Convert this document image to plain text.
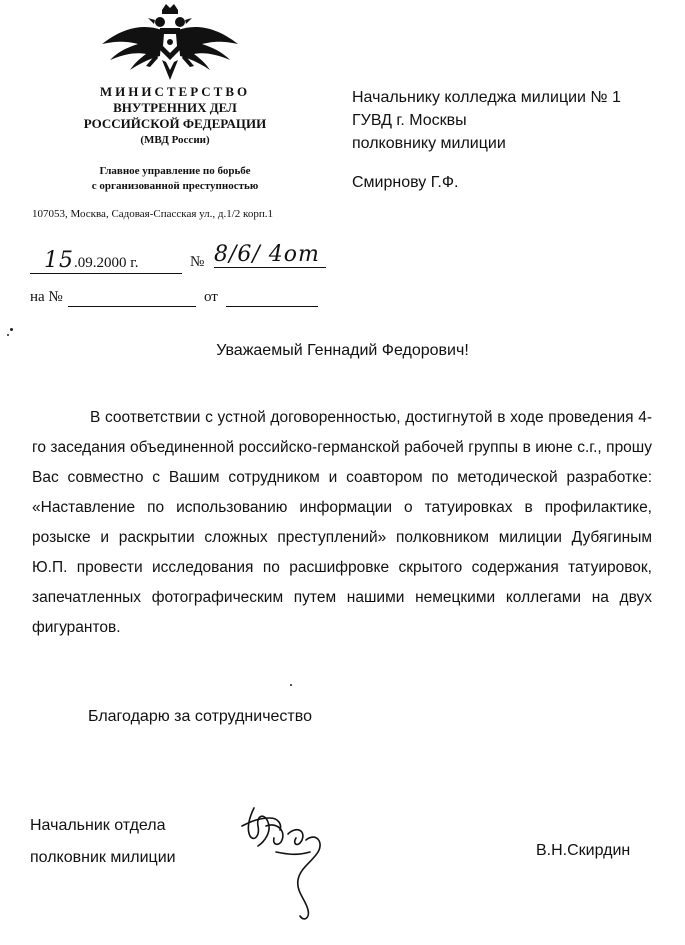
МИНИСТЕРСТВО
ВНУТРЕННИХ ДЕЛ
РОССИЙСКОЙ ФЕДЕРАЦИИ
(МВД России)
Главное управление по борьбе
с организованной преступностью
107053, Москва, Садовая-Спасская ул., д.1/2 корп.1
Начальнику колледжа милиции № 1
ГУВД г. Москвы
полковнику милиции
Смирнову Г.Ф.
15.09.2000 г.	№ 8/6/ 4от
на №	от
Уважаемый Геннадий Федорович!
В соответствии с устной договоренностью, достигнутой в ходе проведения 4-го заседания объединенной российско-германской рабочей группы в июне с.г., прошу Вас совместно с Вашим сотрудником и соавтором по методической разработке: «Наставление по использованию информации о татуировках в профилактике, розыске и раскрытии сложных преступлений» полковником милиции Дубягиным Ю.П. провести исследования по расшифровке скрытого содержания татуировок, запечатленных фотографическим путем нашими немецкими коллегами на двух фигурантов.
Благодарю за сотрудничество
Начальник отдела
полковник милиции	В.Н.Скирдин
